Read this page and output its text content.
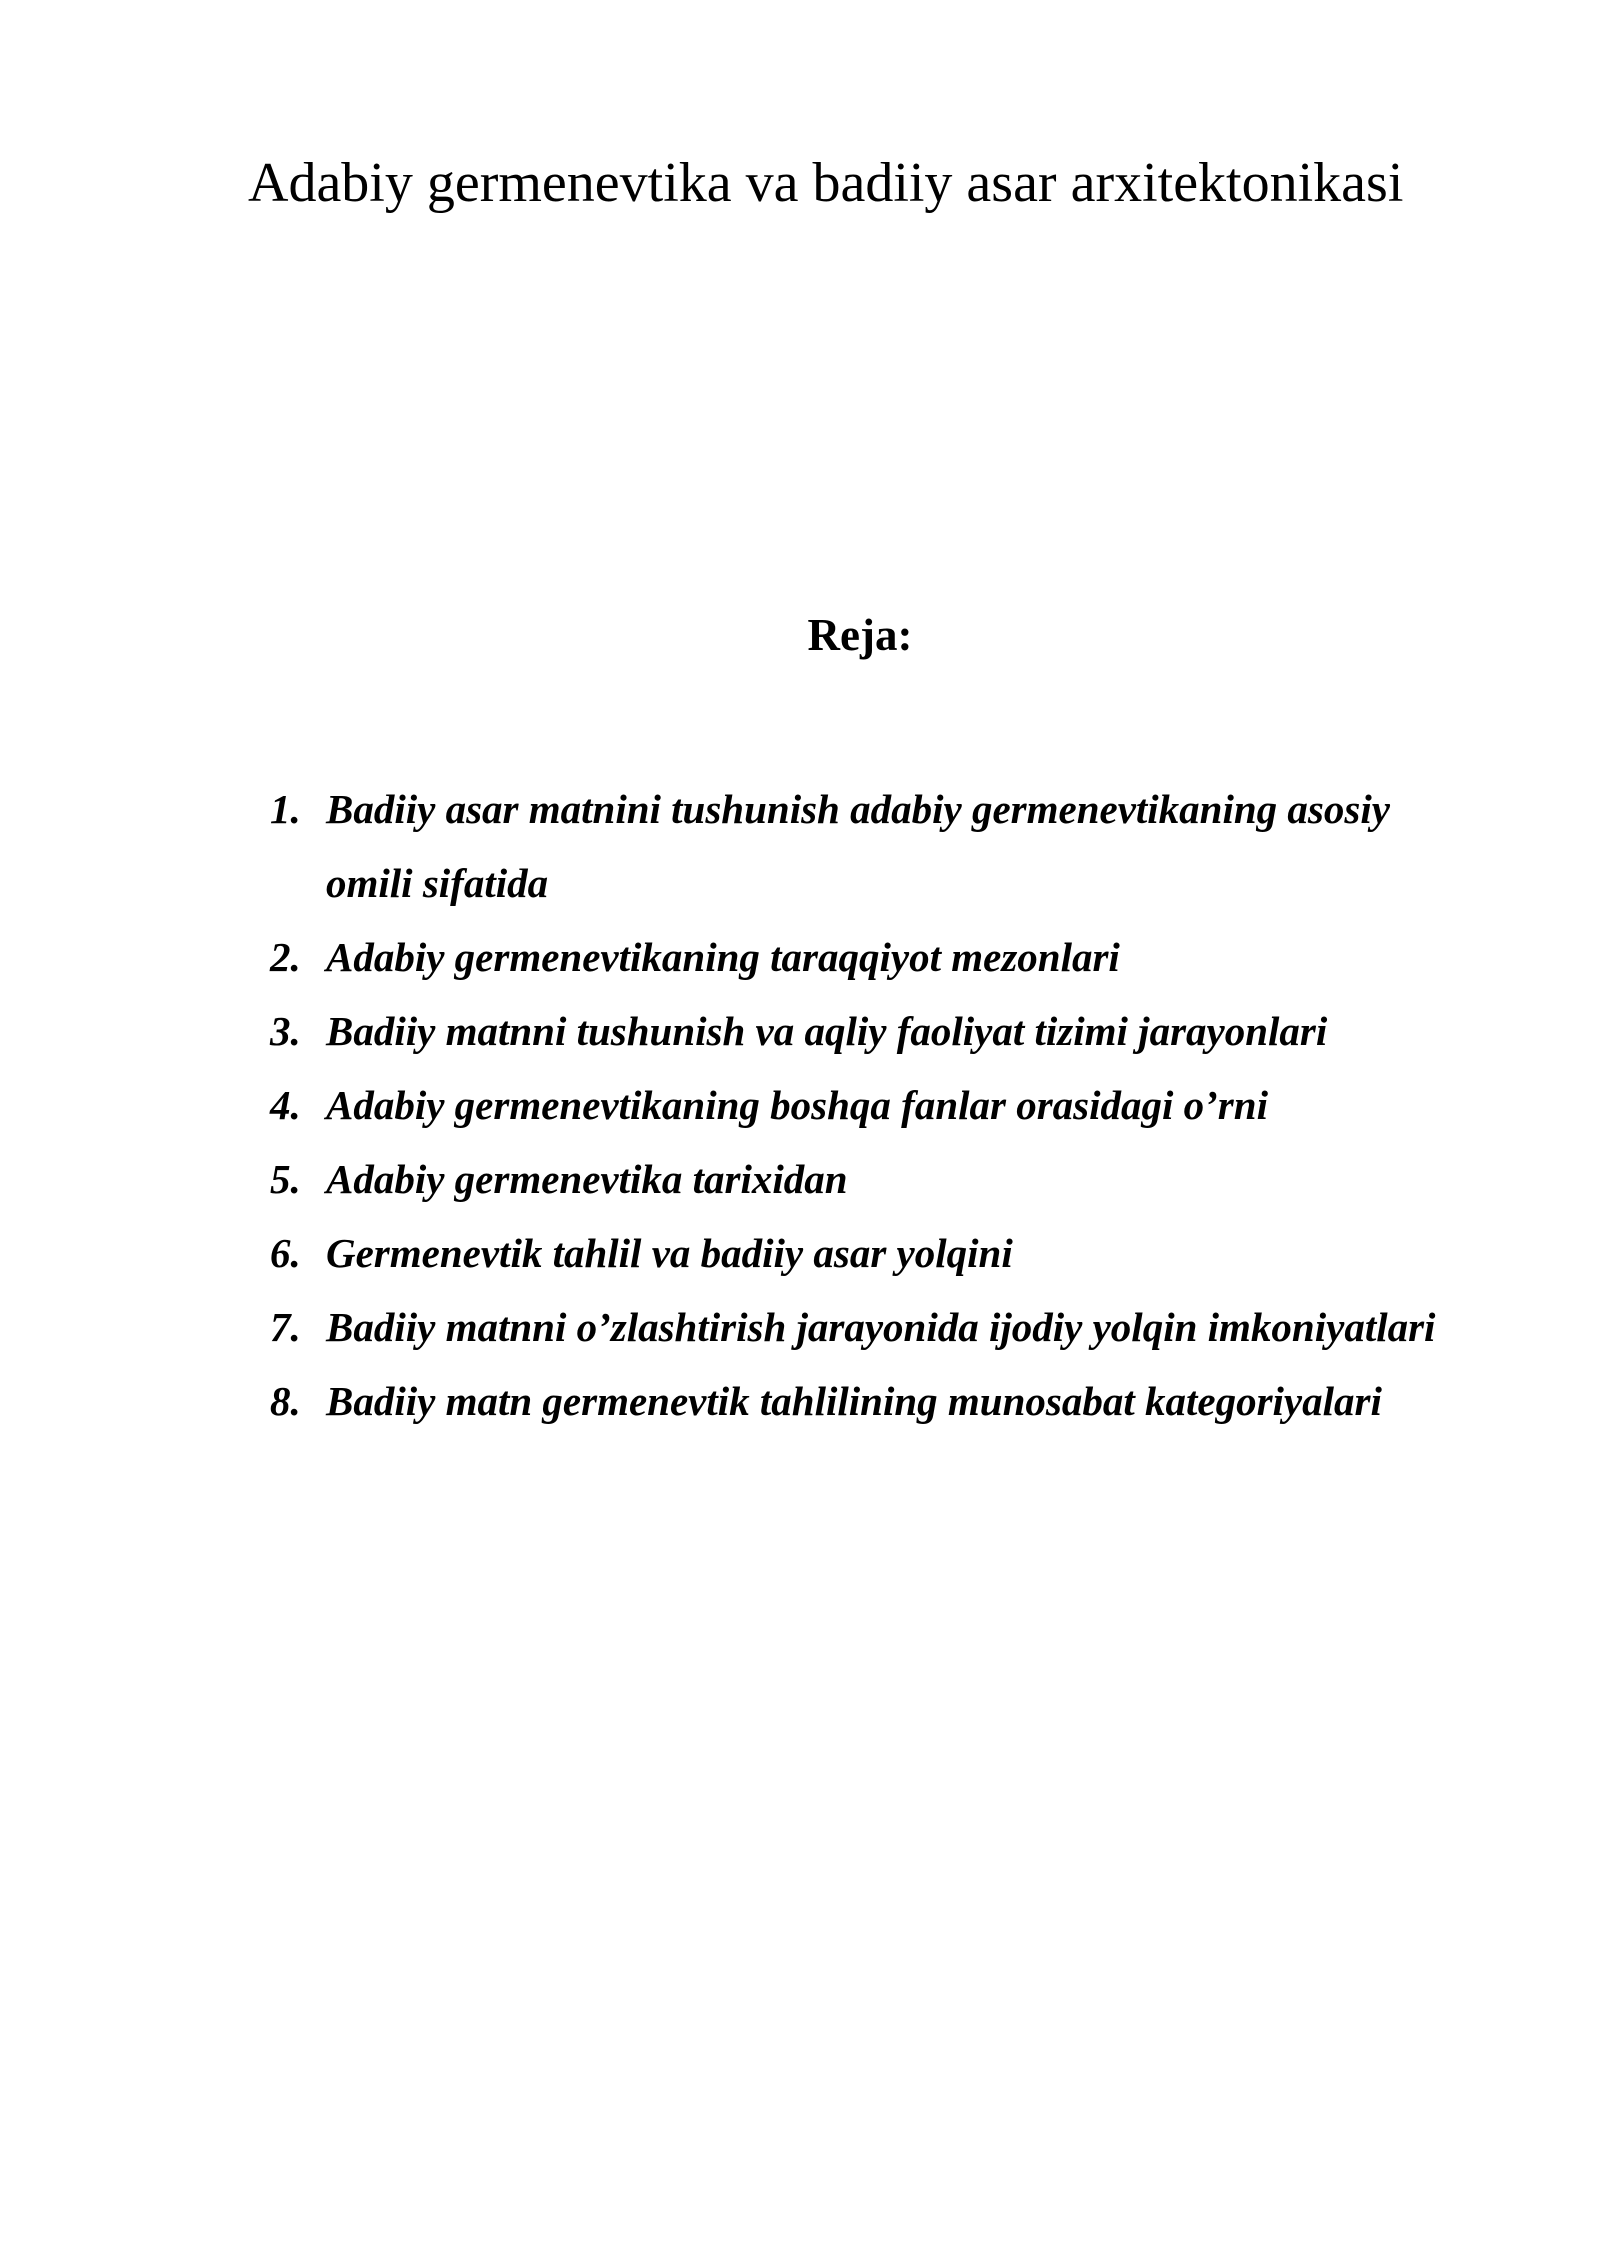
Adabiy germenevtika va badiiy asar arxitektonikasi
Reja:
1. Badiiy asar matnini tushunish adabiy germenevtikaning asosiy omili sifatida
2. Adabiy germenevtikaning taraqqiyot mezonlari
3. Badiiy matnni tushunish va aqliy faoliyat tizimi jarayonlari
4. Adabiy germenevtikaning boshqa fanlar orasidagi o’rni
5. Adabiy germenevtika tarixidan
6. Germenevtik tahlil va badiiy asar yolqini
7. Badiiy matnni o’zlashtirish jarayonida ijodiy yolqin imkoniyatlari
8. Badiiy matn germenevtik tahlilining munosabat kategoriyalari
